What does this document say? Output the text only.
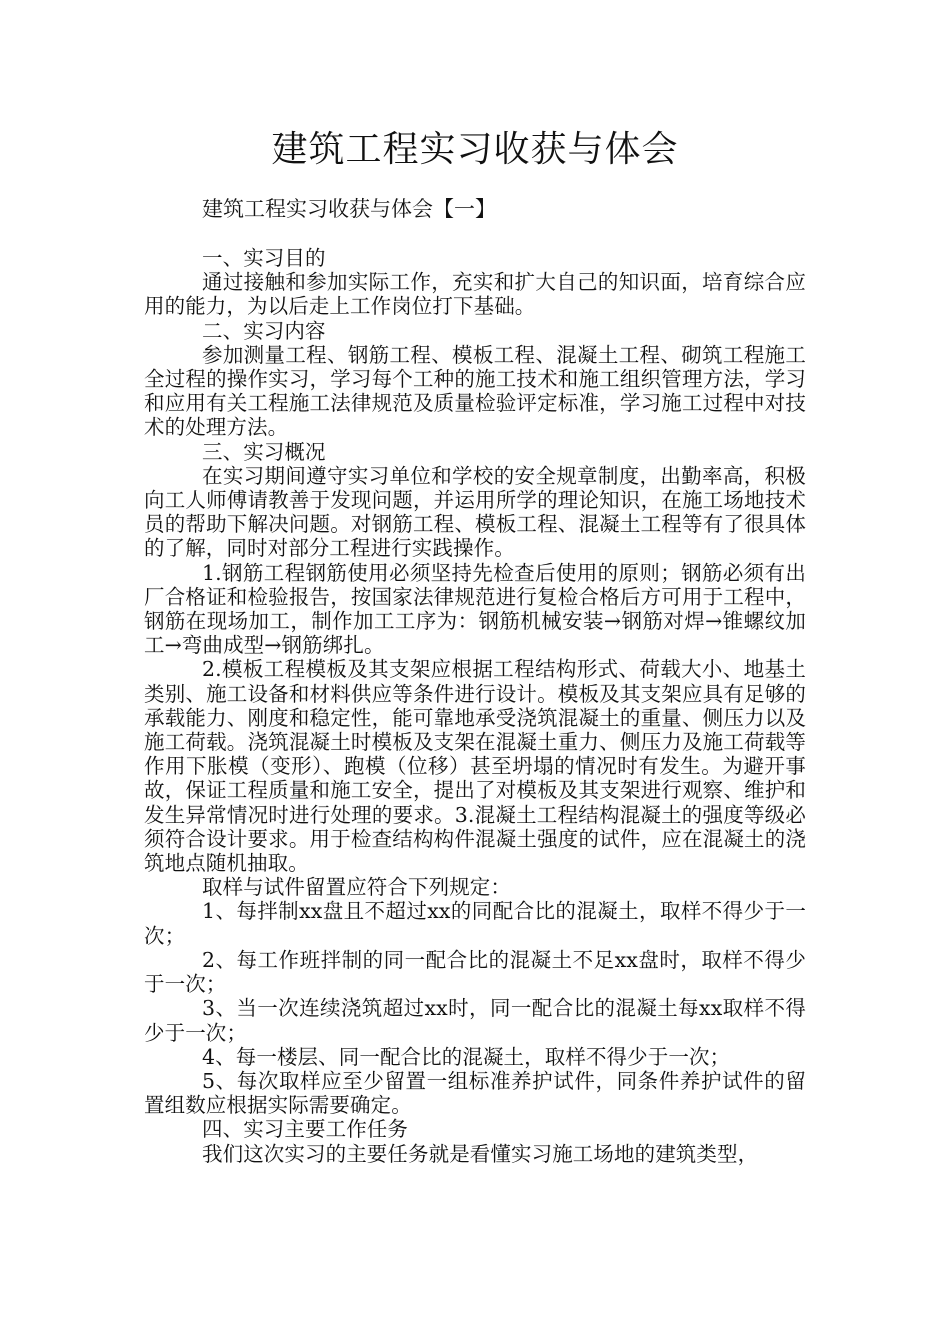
建筑工程实习收获与体会

建筑工程实习收获与体会【一】

一、实习目的

通过接触和参加实际工作，充实和扩大自己的知识面，培育综合应用的能力，为以后走上工作岗位打下基础。

二、实习内容

参加测量工程、钢筋工程、模板工程、混凝土工程、砌筑工程施工全过程的操作实习，学习每个工种的施工技术和施工组织管理方法，学习和应用有关工程施工法律规范及质量检验评定标准，学习施工过程中对技术的处理方法。

三、实习概况

在实习期间遵守实习单位和学校的安全规章制度，出勤率高，积极向工人师傅请教善于发现问题，并运用所学的理论知识，在施工场地技术员的帮助下解决问题。对钢筋工程、模板工程、混凝土工程等有了很具体的了解，同时对部分工程进行实践操作。

1.钢筋工程钢筋使用必须坚持先检查后使用的原则；钢筋必须有出厂合格证和检验报告，按国家法律规范进行复检合格后方可用于工程中，钢筋在现场加工，制作加工工序为：钢筋机械安装→钢筋对焊→锥螺纹加工→弯曲成型→钢筋绑扎。

2.模板工程模板及其支架应根据工程结构形式、荷载大小、地基土类别、施工设备和材料供应等条件进行设计。模板及其支架应具有足够的承载能力、刚度和稳定性，能可靠地承受浇筑混凝土的重量、侧压力以及施工荷载。浇筑混凝土时模板及支架在混凝土重力、侧压力及施工荷载等作用下胀模（变形）、跑模（位移）甚至坍塌的情况时有发生。为避开事故，保证工程质量和施工安全，提出了对模板及其支架进行观察、维护和发生异常情况时进行处理的要求。3.混凝土工程结构混凝土的强度等级必须符合设计要求。用于检查结构构件混凝土强度的试件，应在混凝土的浇筑地点随机抽取。

取样与试件留置应符合下列规定：

1、每拌制xx盘且不超过xx的同配合比的混凝土，取样不得少于一次；

2、每工作班拌制的同一配合比的混凝土不足xx盘时，取样不得少于一次；

3、当一次连续浇筑超过xx时，同一配合比的混凝土每xx取样不得少于一次；

4、每一楼层、同一配合比的混凝土，取样不得少于一次；

5、每次取样应至少留置一组标准养护试件，同条件养护试件的留置组数应根据实际需要确定。

四、实习主要工作任务

我们这次实习的主要任务就是看懂实习施工场地的建筑类型，
